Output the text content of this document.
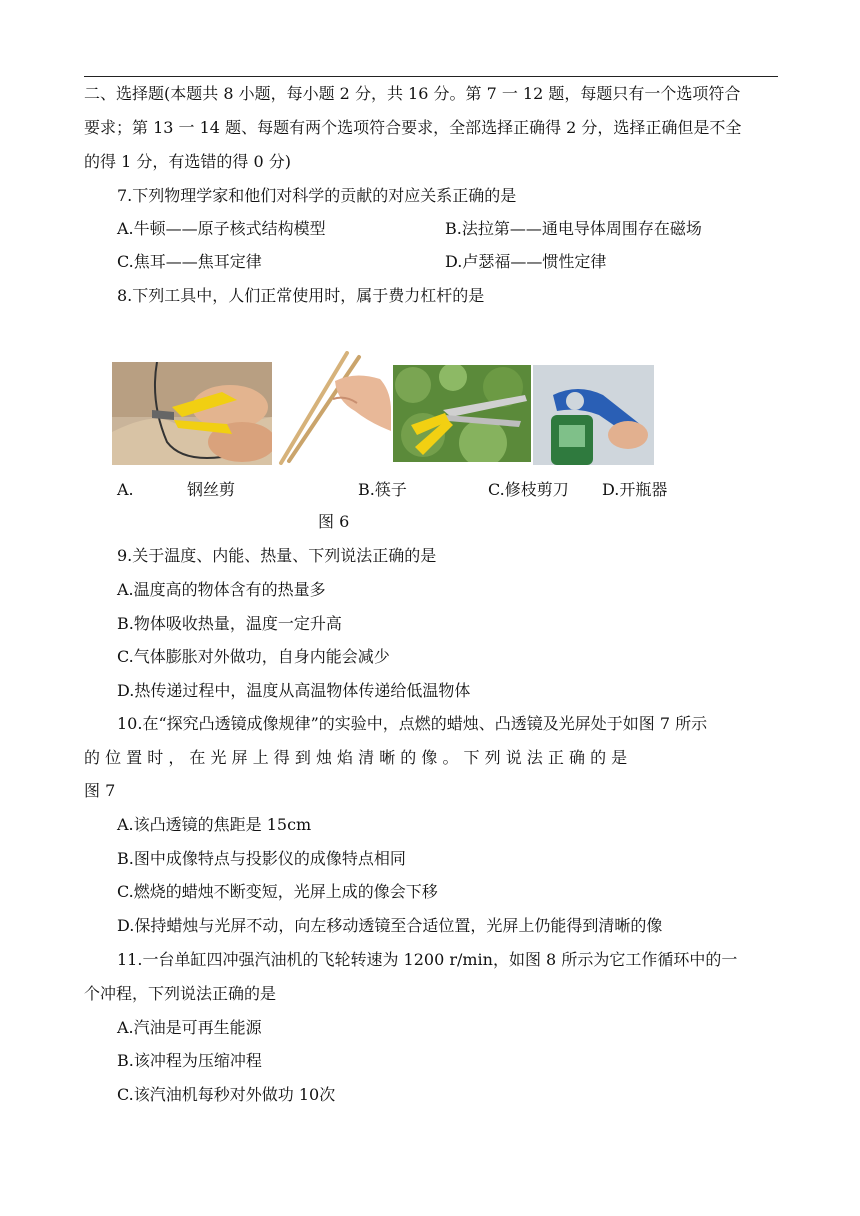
二、选择题(本题共 8 小题，每小题 2 分，共 16 分。第 7 一 12 题，每题只有一个选项符合
要求；第 13 一 14 题、每题有两个选项符合要求，全部选择正确得 2 分，选择正确但是不全
的得 1 分，有选错的得 0 分)
7.下列物理学家和他们对科学的贡献的对应关系正确的是
A.牛顿——原子核式结构模型	B.法拉第——通电导体周围存在磁场
C.焦耳——焦耳定律	D.卢瑟福——惯性定律
8.下列工具中，人们正常使用时，属于费力杠杆的是
A.	钢丝剪	B.筷子	C.修枝剪刀 D.开瓶器
图 6
9.关于温度、内能、热量、下列说法正确的是
A.温度高的物体含有的热量多
B.物体吸收热量，温度一定升高
C.气体膨胀对外做功，自身内能会减少
D.热传递过程中，温度从高温物体传递给低温物体
10.在“探究凸透镜成像规律”的实验中，点燃的蜡烛、凸透镜及光屏处于如图 7 所示
的 位 置 时 ， 在 光 屏 上 得 到 烛 焰 清 晰 的 像 。 下 列 说 法 正 确 的 是
图 7
A.该凸透镜的焦距是 15cm
B.图中成像特点与投影仪的成像特点相同
C.燃烧的蜡烛不断变短，光屏上成的像会下移
D.保持蜡烛与光屏不动，向左移动透镜至合适位置，光屏上仍能得到清晰的像
11.一台单缸四冲强汽油机的飞轮转速为 1200 r/min，如图 8 所示为它工作循环中的一
个冲程，下列说法正确的是
A.汽油是可再生能源
B.该冲程为压缩冲程
C.该汽油机每秒对外做功 10次
